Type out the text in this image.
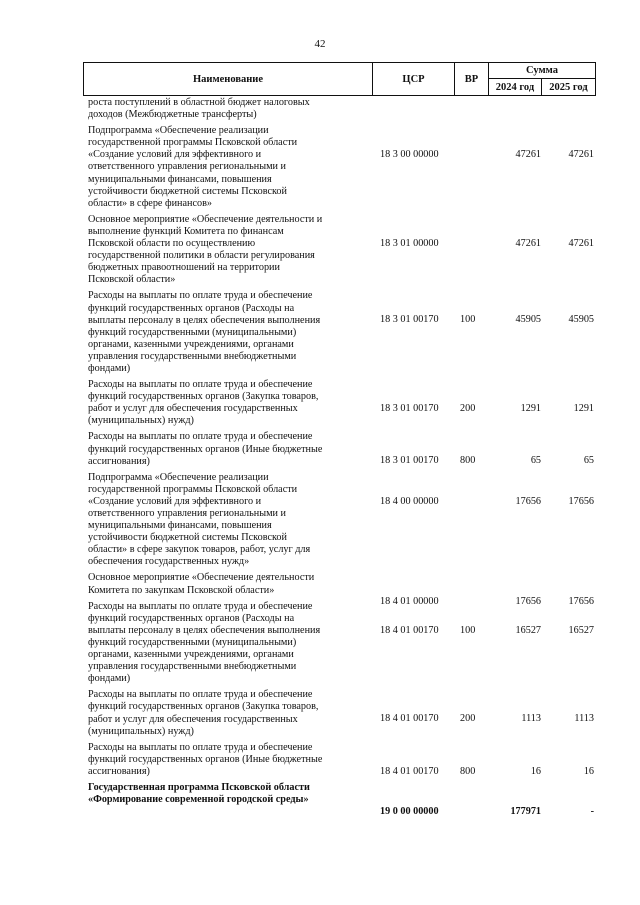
42
Наименование	ЦСР	ВР
Сумма
2024 год	2025 год
роста поступлений в областной бюджет налоговых
доходов (Межбюджетные трансферты)
Подпрограмма «Обеспечение реализации
государственной программы Псковской области
«Создание условий для эффективного и
ответственного управления региональными и
муниципальными финансами, повышения
устойчивости бюджетной системы Псковской
области» в сфере финансов»
18 3 00 00000	47261	47261
Основное мероприятие «Обеспечение деятельности и
выполнение функций Комитета по финансам
Псковской области по осуществлению
государственной политики в области регулирования
бюджетных правоотношений на территории
Псковской области»
18 3 01 00000	47261	47261
Расходы на выплаты по оплате труда и обеспечение
функций государственных органов (Расходы на
выплаты персоналу в целях обеспечения выполнения
функций государственными (муниципальными)
органами, казенными учреждениями, органами
управления государственными внебюджетными
фондами)
18 3 01 00170	100	45905	45905
Расходы на выплаты по оплате труда и обеспечение
функций государственных органов (Закупка товаров,
работ и услуг для обеспечения государственных
(муниципальных) нужд)
18 3 01 00170	200	1291	1291
Расходы на выплаты по оплате труда и обеспечение
функций государственных органов (Иные бюджетные
ассигнования)	18 3 01 00170	800	65	65
Подпрограмма «Обеспечение реализации
государственной программы Псковской области
«Создание условий для эффективного и
ответственного управления региональными и
муниципальными финансами, повышения
устойчивости бюджетной системы Псковской
области» в сфере закупок товаров, работ, услуг для
обеспечения государственных нужд»
18 4 00 00000	17656	17656
Основное мероприятие «Обеспечение деятельности
Комитета по закупкам Псковской области»
18 4 01 00000	17656	17656
Расходы на выплаты по оплате труда и обеспечение
функций государственных органов (Расходы на
выплаты персоналу в целях обеспечения выполнения
функций государственными (муниципальными)
органами, казенными учреждениями, органами
управления государственными внебюджетными
фондами)
18 4 01 00170	100	16527	16527
Расходы на выплаты по оплате труда и обеспечение
функций государственных органов (Закупка товаров,
работ и услуг для обеспечения государственных
(муниципальных) нужд)
18 4 01 00170	200	1113	1113
Расходы на выплаты по оплате труда и обеспечение
функций государственных органов (Иные бюджетные
ассигнования)	18 4 01 00170	800	16	16
Государственная программа Псковской области
«Формирование современной городской среды»
19 0 00 00000	177971	-
